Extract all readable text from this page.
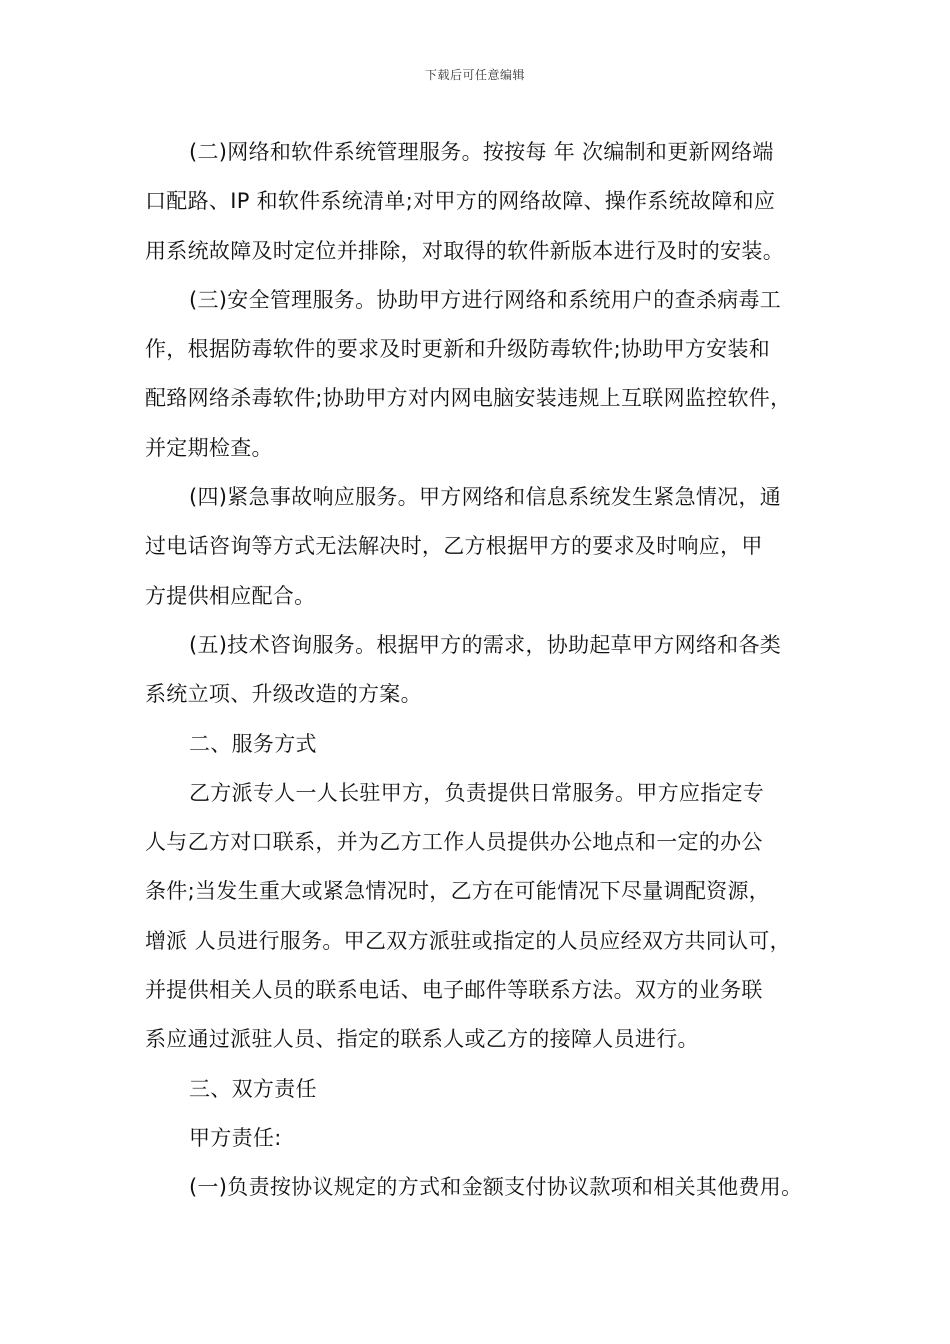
下载后可任意编辑
(二)网络和软件系统管理服务。按按每 年 次编制和更新网络端
口配路、IP 和软件系统清单;对甲方的网络故障、操作系统故障和应
用系统故障及时定位并排除，对取得的软件新版本进行及时的安装。
(三)安全管理服务。协助甲方进行网络和系统用户的查杀病毒工
作，根据防毒软件的要求及时更新和升级防毒软件;协助甲方安装和
配臵网络杀毒软件;协助甲方对内网电脑安装违规上互联网监控软件，
并定期检查。
(四)紧急事故响应服务。甲方网络和信息系统发生紧急情况，通
过电话咨询等方式无法解决时，乙方根据甲方的要求及时响应，甲
方提供相应配合。
(五)技术咨询服务。根据甲方的需求，协助起草甲方网络和各类
系统立项、升级改造的方案。
二、服务方式
乙方派专人一人长驻甲方，负责提供日常服务。甲方应指定专
人与乙方对口联系，并为乙方工作人员提供办公地点和一定的办公
条件;当发生重大或紧急情况时，乙方在可能情况下尽量调配资源，
增派 人员进行服务。甲乙双方派驻或指定的人员应经双方共同认可，
并提供相关人员的联系电话、电子邮件等联系方法。双方的业务联
系应通过派驻人员、指定的联系人或乙方的接障人员进行。
三、双方责任
甲方责任:
(一)负责按协议规定的方式和金额支付协议款项和相关其他费用。
